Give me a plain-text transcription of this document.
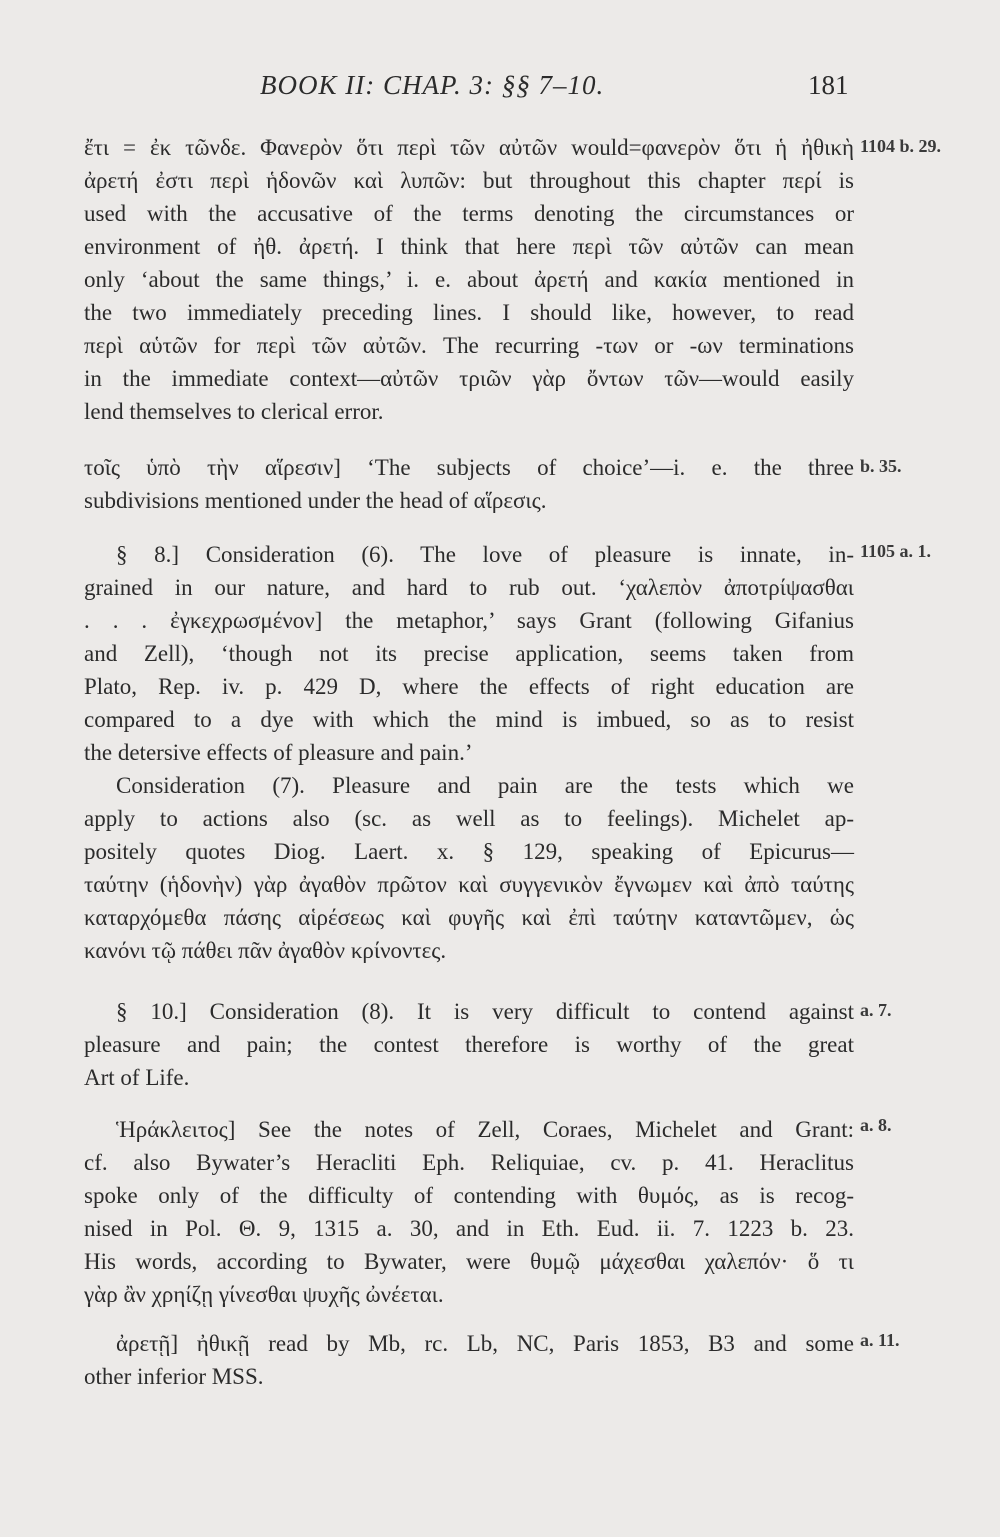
BOOK II: CHAP. 3: §§ 7–10.	181
1104 b. 29.
b. 35.
1105 a. 1.
a. 7.
a. 8.
a. 11.
ἔτι = ἐκ τῶνδε. Φανερὸν ὅτι περὶ τῶν αὐτῶν would=φανερὸν ὅτι ἡ ἠθικὴ
ἀρετή ἐστι περὶ ἡδονῶν καὶ λυπῶν: but throughout this chapter περί is
used with the accusative of the terms denoting the circumstances or
environment of ἠθ. ἀρετή. I think that here περὶ τῶν αὐτῶν can mean
only ‘about the same things,’ i. e. about ἀρετή and κακία mentioned in
the two immediately preceding lines. I should like, however, to read
περὶ αὑτῶν for περὶ τῶν αὐτῶν. The recurring -των or -ων terminations
in the immediate context—αὐτῶν τριῶν γὰρ ὄντων τῶν—would easily
lend themselves to clerical error.
τοῖς ὑπὸ τὴν αἵρεσιν] ‘The subjects of choice’—i. e. the three
subdivisions mentioned under the head of αἵρεσις.
§ 8.] Consideration (6). The love of pleasure is innate, in-
grained in our nature, and hard to rub out. ‘χαλεπὸν ἀποτρίψασθαι
. . . ἐγκεχρωσμένον] the metaphor,’ says Grant (following Gifanius
and Zell), ‘though not its precise application, seems taken from
Plato, Rep. iv. p. 429 D, where the effects of right education are
compared to a dye with which the mind is imbued, so as to resist
the detersive effects of pleasure and pain.’
Consideration (7). Pleasure and pain are the tests which we
apply to actions also (sc. as well as to feelings). Michelet ap-
positely quotes Diog. Laert. x. § 129, speaking of Epicurus—
ταύτην (ἡδονὴν) γὰρ ἀγαθὸν πρῶτον καὶ συγγενικὸν ἔγνωμεν καὶ ἀπὸ ταύτης
καταρχόμεθα πάσης αἱρέσεως καὶ φυγῆς καὶ ἐπὶ ταύτην καταντῶμεν, ὡς
κανόνι τῷ πάθει πᾶν ἀγαθὸν κρίνοντες.
§ 10.] Consideration (8). It is very difficult to contend against
pleasure and pain; the contest therefore is worthy of the great
Art of Life.
Ἡράκλειτος] See the notes of Zell, Coraes, Michelet and Grant:
cf. also Bywater’s Heracliti Eph. Reliquiae, cv. p. 41. Heraclitus
spoke only of the difficulty of contending with θυμός, as is recog-
nised in Pol. Θ. 9, 1315 a. 30, and in Eth. Eud. ii. 7. 1223 b. 23.
His words, according to Bywater, were θυμῷ μάχεσθαι χαλεπόν· ὅ τι
γὰρ ἂν χρηίζῃ γίνεσθαι ψυχῆς ὠνέεται.
ἀρετῇ] ἠθικῇ read by Mb, rc. Lb, NC, Paris 1853, B3 and some
other inferior MSS.
